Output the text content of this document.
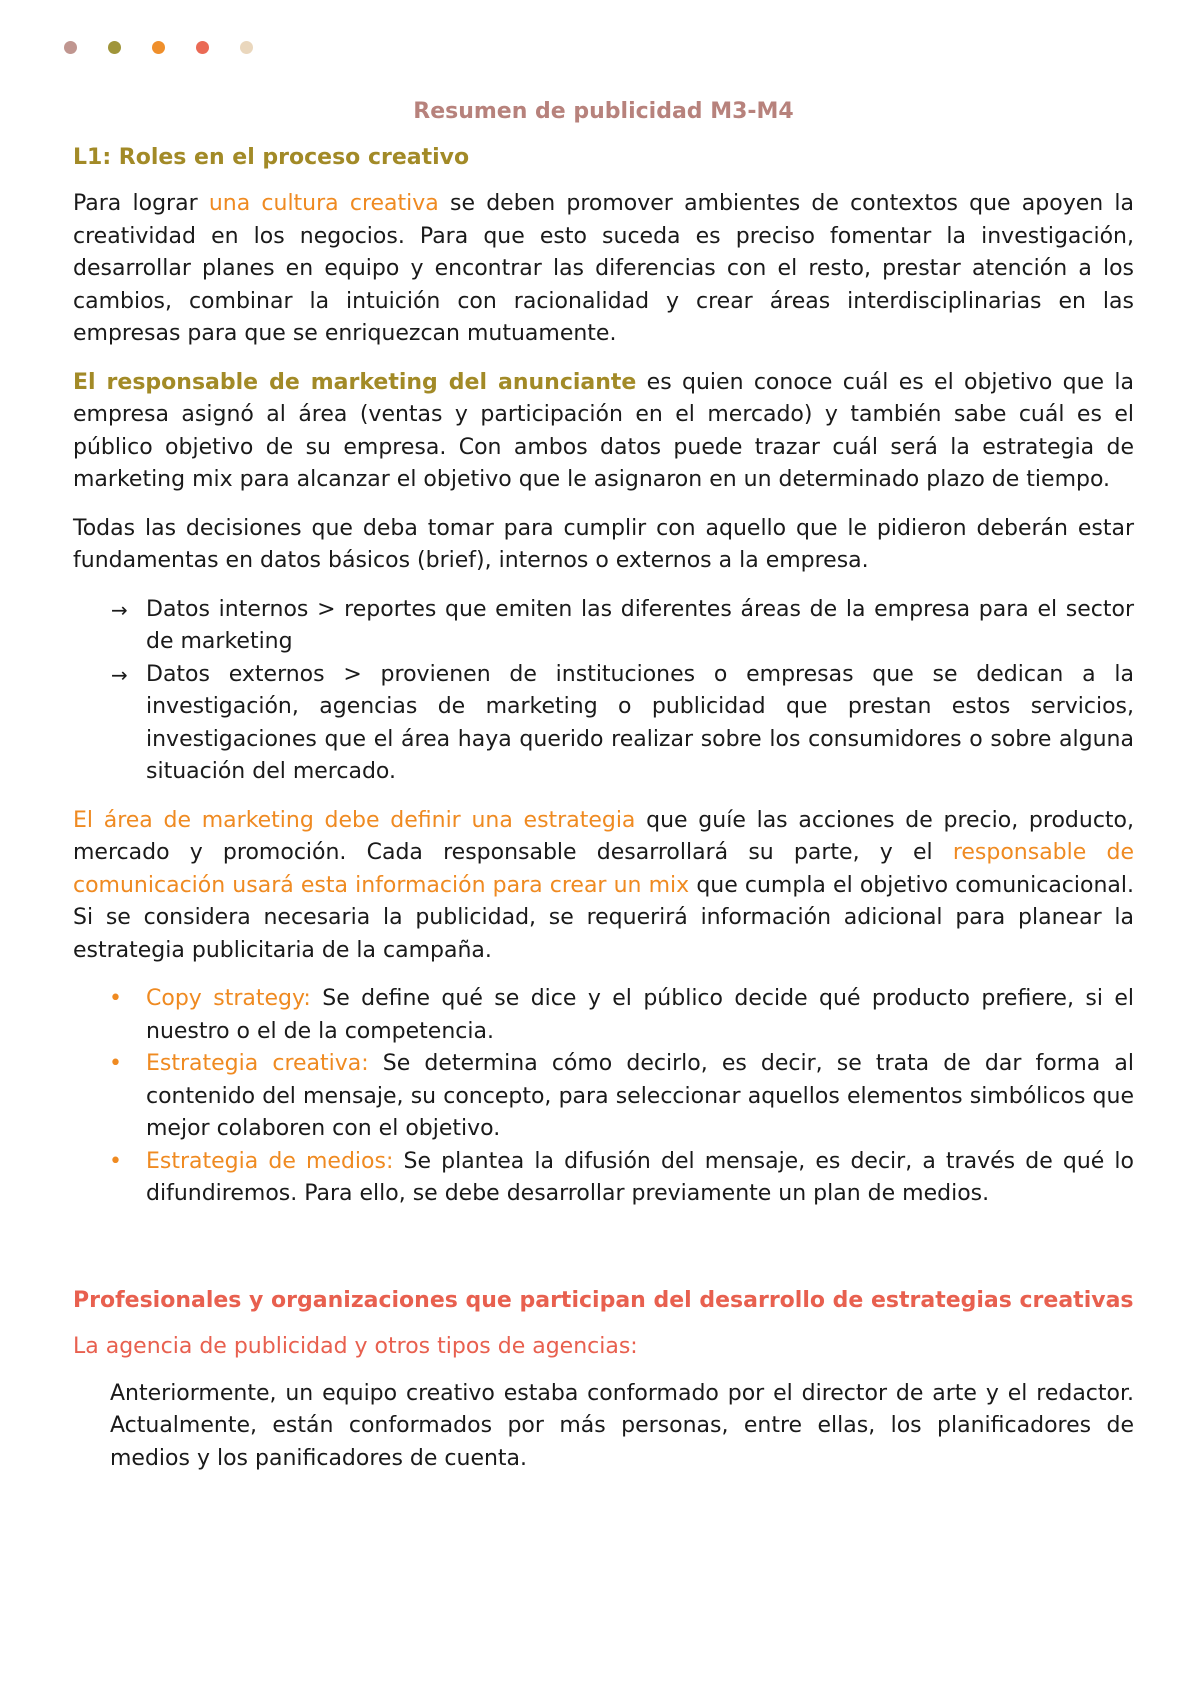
Resumen de publicidad M3-M4
L1: Roles en el proceso creativo

Para lograr una cultura creativa se deben promover ambientes de contextos que apoyen la creatividad en los negocios. Para que esto suceda es preciso fomentar la investigación, desarrollar planes en equipo y encontrar las diferencias con el resto, prestar atención a los cambios, combinar la intuición con racionalidad y crear áreas interdisciplinarias en las empresas para que se enriquezcan mutuamente.

El responsable de marketing del anunciante es quien conoce cuál es el objetivo que la empresa asignó al área (ventas y participación en el mercado) y también sabe cuál es el público objetivo de su empresa. Con ambos datos puede trazar cuál será la estrategia de marketing mix para alcanzar el objetivo que le asignaron en un determinado plazo de tiempo.

Todas las decisiones que deba tomar para cumplir con aquello que le pidieron deberán estar fundamentas en datos básicos (brief), internos o externos a la empresa.

→ Datos internos > reportes que emiten las diferentes áreas de la empresa para el sector de marketing
→ Datos externos > provienen de instituciones o empresas que se dedican a la investigación, agencias de marketing o publicidad que prestan estos servicios, investigaciones que el área haya querido realizar sobre los consumidores o sobre alguna situación del mercado.

El área de marketing debe definir una estrategia que guíe las acciones de precio, producto, mercado y promoción. Cada responsable desarrollará su parte, y el responsable de comunicación usará esta información para crear un mix que cumpla el objetivo comunicacional. Si se considera necesaria la publicidad, se requerirá información adicional para planear la estrategia publicitaria de la campaña.

• Copy strategy: Se define qué se dice y el público decide qué producto prefiere, si el nuestro o el de la competencia.
• Estrategia creativa: Se determina cómo decirlo, es decir, se trata de dar forma al contenido del mensaje, su concepto, para seleccionar aquellos elementos simbólicos que mejor colaboren con el objetivo.
• Estrategia de medios: Se plantea la difusión del mensaje, es decir, a través de qué lo difundiremos. Para ello, se debe desarrollar previamente un plan de medios.
Profesionales y organizaciones que participan del desarrollo de estrategias creativas
La agencia de publicidad y otros tipos de agencias:

Anteriormente, un equipo creativo estaba conformado por el director de arte y el redactor. Actualmente, están conformados por más personas, entre ellas, los planificadores de medios y los panificadores de cuenta.
